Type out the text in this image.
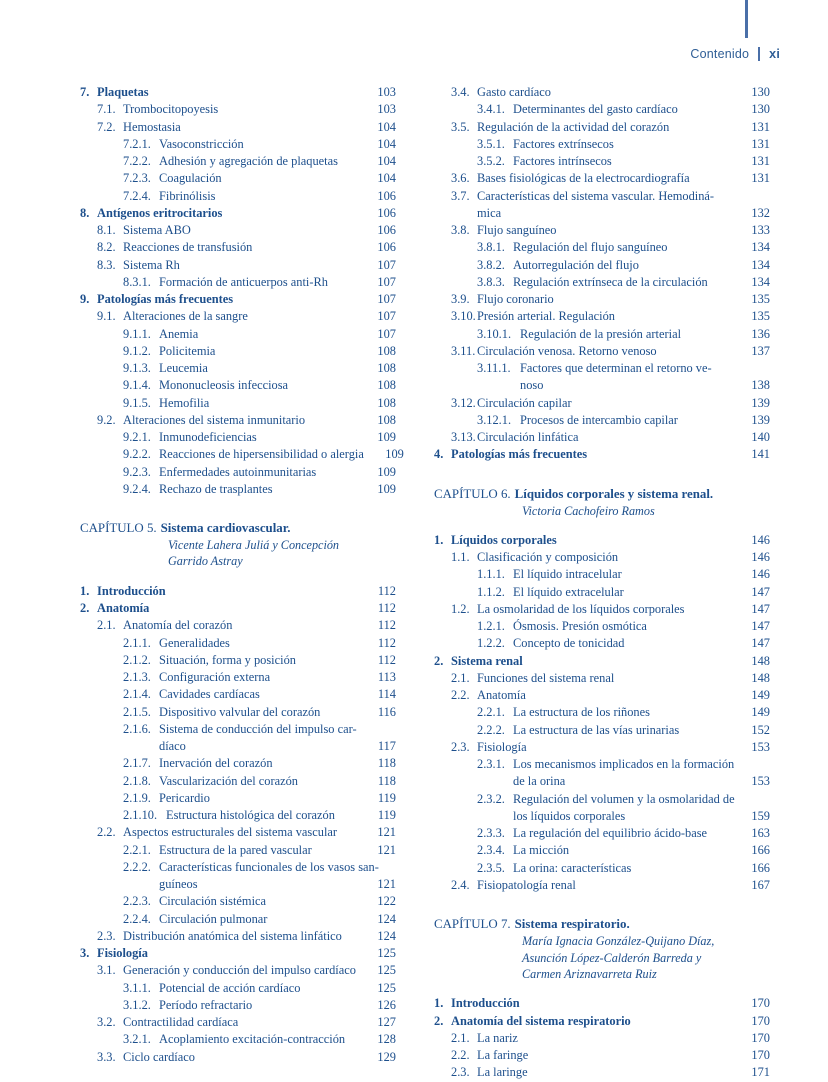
Contenido xi
7. Plaquetas	103
7.1. Trombocitopoyesis	103
7.2. Hemostasia	104
7.2.1. Vasoconstricción	104
7.2.2. Adhesión y agregación de plaquetas	104
7.2.3. Coagulación	104
7.2.4. Fibrinólisis	106
8. Antígenos eritrocitarios	106
8.1. Sistema ABO	106
8.2. Reacciones de transfusión	106
8.3. Sistema Rh	107
8.3.1. Formación de anticuerpos anti-Rh	107
9. Patologías más frecuentes	107
9.1. Alteraciones de la sangre	107
9.1.1. Anemia	107
9.1.2. Policitemia	108
9.1.3. Leucemia	108
9.1.4. Mononucleosis infecciosa	108
9.1.5. Hemofilia	108
9.2. Alteraciones del sistema inmunitario	108
9.2.1. Inmunodeficiencias	109
9.2.2. Reacciones de hipersensibilidad o alergia	109
9.2.3. Enfermedades autoinmunitarias	109
9.2.4. Rechazo de trasplantes	109
CAPÍTULO 5. Sistema cardiovascular.
Vicente Lahera Juliá y Concepción
Garrido Astray
1. Introducción	112
2. Anatomía	112
2.1. Anatomía del corazón	112
2.1.1. Generalidades	112
2.1.2. Situación, forma y posición	112
2.1.3. Configuración externa	113
2.1.4. Cavidades cardíacas	114
2.1.5. Dispositivo valvular del corazón	116
2.1.6. Sistema de conducción del impulso car-
díaco	117
2.1.7. Inervación del corazón	118
2.1.8. Vascularización del corazón	118
2.1.9. Pericardio	119
2.1.10. Estructura histológica del corazón	119
2.2. Aspectos estructurales del sistema vascular	121
2.2.1. Estructura de la pared vascular	121
2.2.2. Características funcionales de los vasos san-
guíneos	121
2.2.3. Circulación sistémica	122
2.2.4. Circulación pulmonar	124
2.3. Distribución anatómica del sistema linfático	124
3. Fisiología	125
3.1. Generación y conducción del impulso cardíaco	125
3.1.1. Potencial de acción cardíaco	125
3.1.2. Período refractario	126
3.2. Contractilidad cardíaca	127
3.2.1. Acoplamiento excitación-contracción	128
3.3. Ciclo cardíaco	129
3.4. Gasto cardíaco	130
3.4.1. Determinantes del gasto cardíaco	130
3.5. Regulación de la actividad del corazón	131
3.5.1. Factores extrínsecos	131
3.5.2. Factores intrínsecos	131
3.6. Bases fisiológicas de la electrocardiografía	131
3.7. Características del sistema vascular. Hemodiná-
mica	132
3.8. Flujo sanguíneo	133
3.8.1. Regulación del flujo sanguíneo	134
3.8.2. Autorregulación del flujo	134
3.8.3. Regulación extrínseca de la circulación	134
3.9. Flujo coronario	135
3.10. Presión arterial. Regulación	135
3.10.1. Regulación de la presión arterial	136
3.11. Circulación venosa. Retorno venoso	137
3.11.1. Factores que determinan el retorno ve-
noso	138
3.12. Circulación capilar	139
3.12.1. Procesos de intercambio capilar	139
3.13. Circulación linfática	140
4. Patologías más frecuentes	141
CAPÍTULO 6. Líquidos corporales y sistema renal.
Victoria Cachofeiro Ramos
1. Líquidos corporales	146
1.1. Clasificación y composición	146
1.1.1. El líquido intracelular	146
1.1.2. El líquido extracelular	147
1.2. La osmolaridad de los líquidos corporales	147
1.2.1. Ósmosis. Presión osmótica	147
1.2.2. Concepto de tonicidad	147
2. Sistema renal	148
2.1. Funciones del sistema renal	148
2.2. Anatomía	149
2.2.1. La estructura de los riñones	149
2.2.2. La estructura de las vías urinarias	152
2.3. Fisiología	153
2.3.1. Los mecanismos implicados en la formación
de la orina	153
2.3.2. Regulación del volumen y la osmolaridad de
los líquidos corporales	159
2.3.3. La regulación del equilibrio ácido-base	163
2.3.4. La micción	166
2.3.5. La orina: características	166
2.4. Fisiopatología renal	167
CAPÍTULO 7. Sistema respiratorio.
María Ignacia González-Quijano Díaz,
Asunción López-Calderón Barreda y
Carmen Ariznavarreta Ruiz
1. Introducción	170
2. Anatomía del sistema respiratorio	170
2.1. La nariz	170
2.2. La faringe	170
2.3. La laringe	171
